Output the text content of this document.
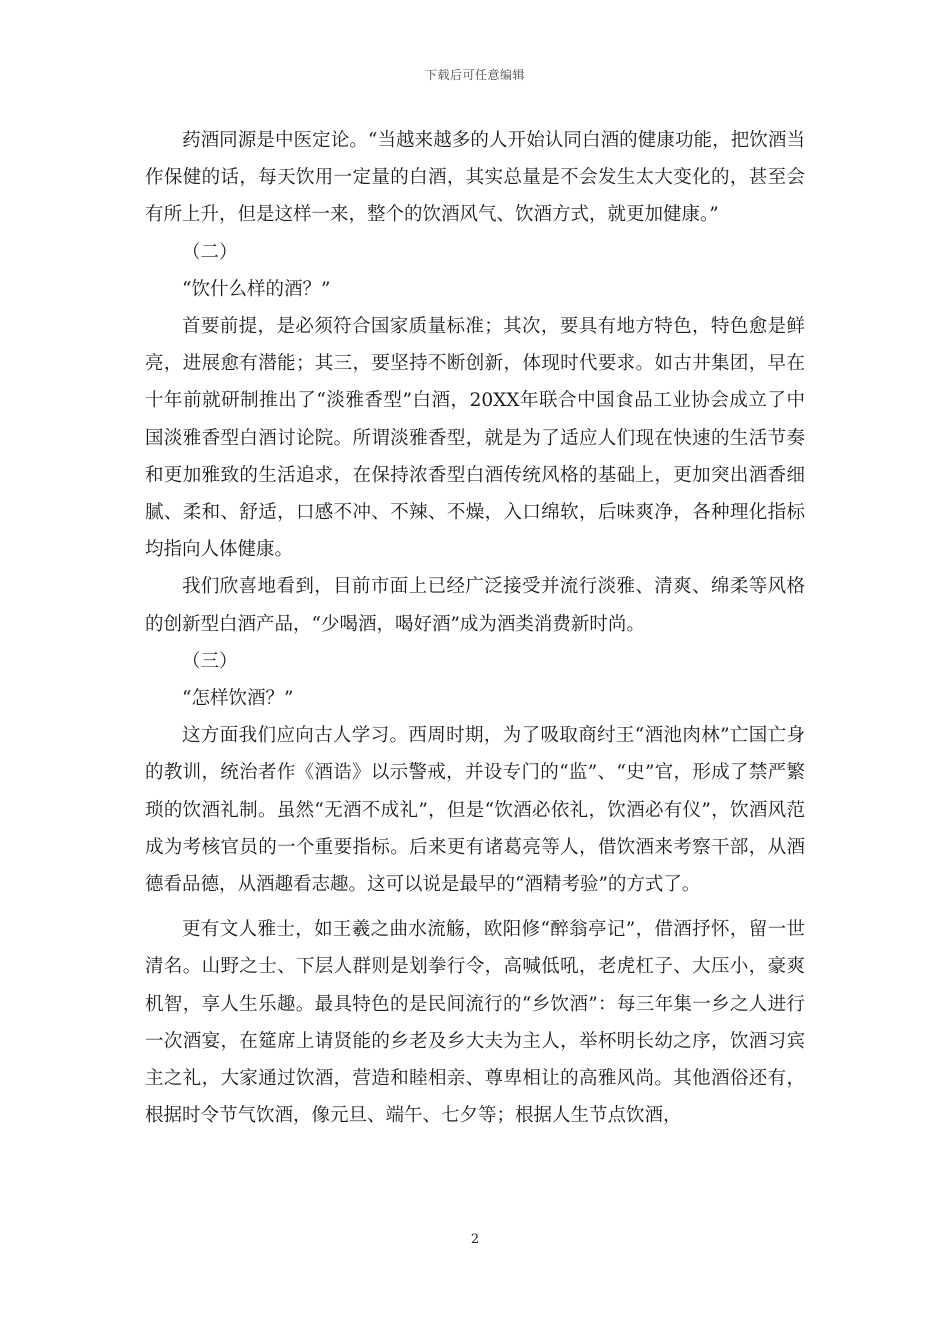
下载后可任意编辑

药酒同源是中医定论。“当越来越多的人开始认同白酒的健康功能，把饮酒当作保健的话，每天饮用一定量的白酒，其实总量是不会发生太大变化的，甚至会有所上升，但是这样一来，整个的饮酒风气、饮酒方式，就更加健康。”

（二）

“饮什么样的酒？”

首要前提，是必须符合国家质量标准；其次，要具有地方特色，特色愈是鲜亮，进展愈有潜能；其三，要坚持不断创新，体现时代要求。如古井集团，早在十年前就研制推出了“淡雅香型”白酒，20XX年联合中国食品工业协会成立了中国淡雅香型白酒讨论院。所谓淡雅香型，就是为了适应人们现在快速的生活节奏和更加雅致的生活追求，在保持浓香型白酒传统风格的基础上，更加突出酒香细腻、柔和、舒适，口感不冲、不辣、不燥，入口绵软，后味爽净，各种理化指标均指向人体健康。

我们欣喜地看到，目前市面上已经广泛接受并流行淡雅、清爽、绵柔等风格的创新型白酒产品，“少喝酒，喝好酒”成为酒类消费新时尚。

（三）

“怎样饮酒？”

这方面我们应向古人学习。西周时期，为了吸取商纣王“酒池肉林”亡国亡身的教训，统治者作《酒诰》以示警戒，并设专门的“监”、“史”官，形成了禁严繁琐的饮酒礼制。虽然“无酒不成礼”，但是“饮酒必依礼，饮酒必有仪”，饮酒风范成为考核官员的一个重要指标。后来更有诸葛亮等人，借饮酒来考察干部，从酒德看品德，从酒趣看志趣。这可以说是最早的“酒精考验”的方式了。

更有文人雅士，如王羲之曲水流觞，欧阳修“醉翁亭记”，借酒抒怀，留一世清名。山野之士、下层人群则是划拳行令，高喊低吼，老虎杠子、大压小，豪爽机智，享人生乐趣。最具特色的是民间流行的“乡饮酒”：每三年集一乡之人进行一次酒宴，在筵席上请贤能的乡老及乡大夫为主人，举杯明长幼之序，饮酒习宾主之礼，大家通过饮酒，营造和睦相亲、尊卑相让的高雅风尚。其他酒俗还有，根据时令节气饮酒，像元旦、端午、七夕等；根据人生节点饮酒，

2
